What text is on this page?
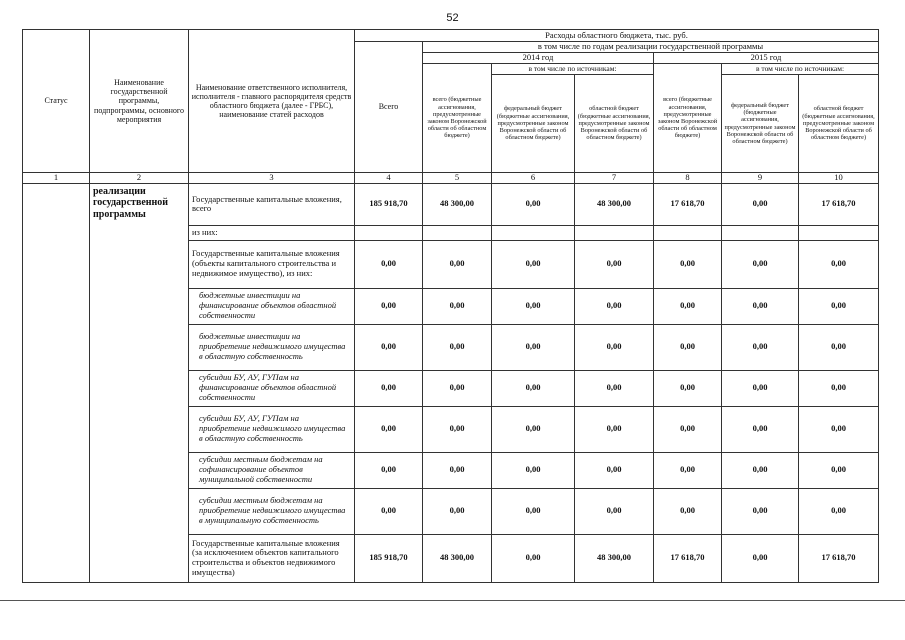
52
Статус	Наименование государственной программы, подпрограммы, основного мероприятия	Наименование ответственного исполнителя, исполнителя - главного распорядителя средств областного бюджета (далее - ГРБС), наименование статей расходов	Расходы областного бюджета, тыс. руб.						
			Всего	в том числе по годам реализации государственной программы					
				2014 год			2015 год		
				всего (бюджетные ассигнования, предусмотренные законом Воронежской области об областном бюджете)	в том числе по источникам:		всего (бюджетные ассигнования, предусмотренные законом Воронежской области об областном бюджете)	в том числе по источникам:	
					федеральный бюджет (бюджетные ассигнования, предусмотренные законом Воронежской области об областном бюджете)	областной бюджет (бюджетные ассигнования, предусмотренные законом Воронежской области об областном бюджете)		федеральный бюджет (бюджетные ассигнования, предусмотренные законом Воронежской области об областном бюджете)	областной бюджет (бюджетные ассигнования, предусмотренные законом Воронежской области об областном бюджете)
1	2	3	4	5	6	7	8	9	10
	реализации государственной программы	Государственные капитальные вложения, всего	185 918,70	48 300,00	0,00	48 300,00	17 618,70	0,00	17 618,70
		из них:							
		Государственные капитальные вложения (объекты капитального строительства и недвижимое имущество), из них:	0,00	0,00	0,00	0,00	0,00	0,00	0,00
		бюджетные инвестиции на финансирование объектов областной собственности	0,00	0,00	0,00	0,00	0,00	0,00	0,00
		бюджетные инвестиции на приобретение недвижимого имущества в областную собственность	0,00	0,00	0,00	0,00	0,00	0,00	0,00
		субсидии БУ, АУ, ГУПам на финансирование объектов областной собственности	0,00	0,00	0,00	0,00	0,00	0,00	0,00
		субсидии БУ, АУ, ГУПам на приобретение недвижимого имущества в областную собственность	0,00	0,00	0,00	0,00	0,00	0,00	0,00
		субсидии местным бюджетам на софинансирование объектов муниципальной собственности	0,00	0,00	0,00	0,00	0,00	0,00	0,00
		субсидии местным бюджетам на приобретение недвижимого имущества в муниципальную собственность	0,00	0,00	0,00	0,00	0,00	0,00	0,00
		Государственные капитальные вложения (за исключением объектов капитального строительства и объектов недвижимого имущества)	185 918,70	48 300,00	0,00	48 300,00	17 618,70	0,00	17 618,70
